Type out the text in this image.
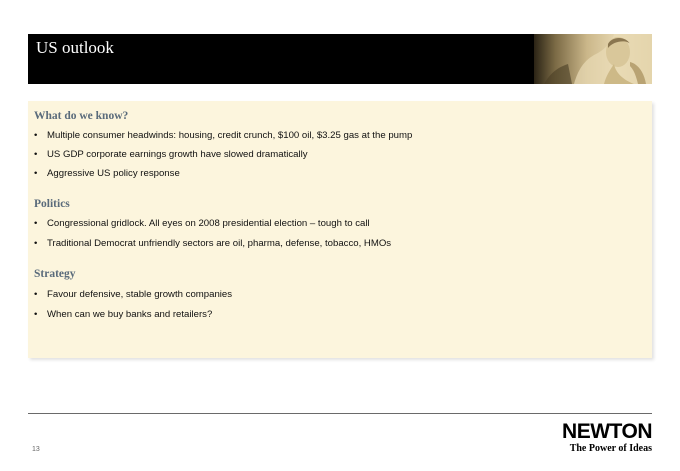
US outlook
What do we know?
• Multiple consumer headwinds: housing, credit crunch, $100 oil, $3.25 gas at the pump
• US GDP corporate earnings growth have slowed dramatically
• Aggressive US policy response
Politics
• Congressional gridlock. All eyes on 2008 presidential election – tough to call
• Traditional Democrat unfriendly sectors are oil, pharma, defense, tobacco, HMOs
Strategy
• Favour defensive, stable growth companies
• When can we buy banks and retailers?
13
NEWTON
The Power of Ideas
